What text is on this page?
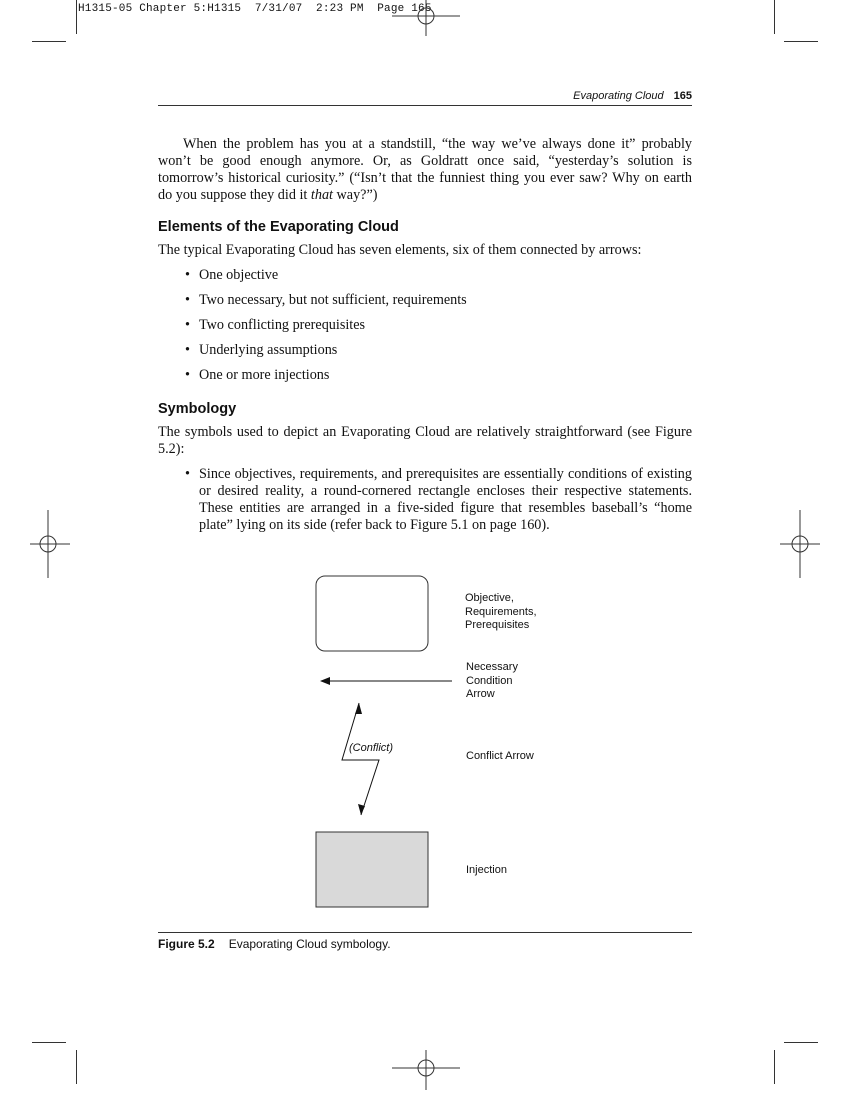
H1315-05 Chapter 5:H1315  7/31/07  2:23 PM  Page 165
Evaporating Cloud 165

When the problem has you at a standstill, “the way we’ve always done it” probably won’t be good enough anymore. Or, as Goldratt once said, “yesterday’s solution is tomorrow’s historical curiosity.” (“Isn’t that the funniest thing you ever saw? Why on earth do you suppose they did it that way?”)

Elements of the Evaporating Cloud

The typical Evaporating Cloud has seven elements, six of them connected by arrows:

• One objective
• Two necessary, but not sufficient, requirements
• Two conflicting prerequisites
• Underlying assumptions
• One or more injections
Symbology

The symbols used to depict an Evaporating Cloud are relatively straightforward (see Figure 5.2):

• Since objectives, requirements, and prerequisites are essentially conditions of existing or desired reality, a round-cornered rectangle encloses their respective statements. These entities are arranged in a five-sided figure that resembles baseball’s “home plate” lying on its side (refer back to Figure 5.1 on page 160).
Objective,
Requirements,
Prerequisites
Necessary
Condition
Arrow
(Conflict)
Conflict Arrow
Injection
Figure 5.2 Evaporating Cloud symbology.
